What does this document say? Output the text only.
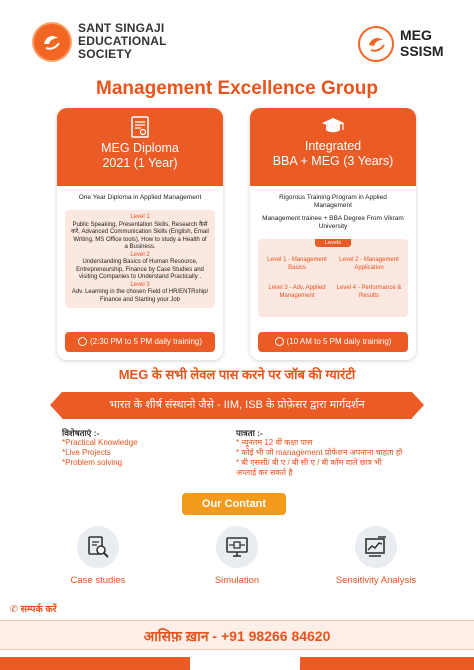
SANT SINGAJI
EDUCATIONAL
SOCIETY
MEG
SSISM
Management Excellence Group
MEG Diploma
2021 (1 Year)
One Year Diploma in Applied Management
Level 1
Public Speaking, Presentation Skills, Research कैसे करें, Advanced Communication Skills (English, Email Writing, MS Office tools), How to study a Health of a Business.
Level 2
Understanding Basics of Human Resource, Entrepreneurship, Finance by Case Studies and visiting Companies to Understand Practically .
Level 3
Adv. Learning in the chosen Field of HR/ENTRship/ Finance and Starting your Job
(2:30 PM to 5 PM daily training)
Integrated
BBA + MEG (3 Years)
Rigorous Training Program in Applied Management
Management trainee + BBA Degree From Vikram University
Levels
Level 1 - Management Basics
Level 2 - Management Application
Level 3 - Adv. Applied Management
Level 4 - Performance & Results
(10 AM to 5 PM daily training)
MEG के सभी लेवल पास करने पर जॉब की ग्यारंटी
भारत के शीर्ष संस्थानो जैसे - IIM, ISB के प्रोफ़ेसर द्वारा मार्गदर्शन
विशेषताएं :-
*Practical Knowledge
*Live Projects
*Problem solving
पात्रता :-
* न्यूनतम 12 वीं कक्षा पास
* कोई भी जो management प्रोफेशन अपनाना चाहता हो
* बी एससी/ बी ए / बी सी ए / बी कॉम वाले छात्र भी
अप्लाई कर सकते है
Our Contant
Case studies	Simulation	Sensitivity Analysis
✆ सम्पर्क करें
आसिफ़ ख़ान - +91 98266 84620
